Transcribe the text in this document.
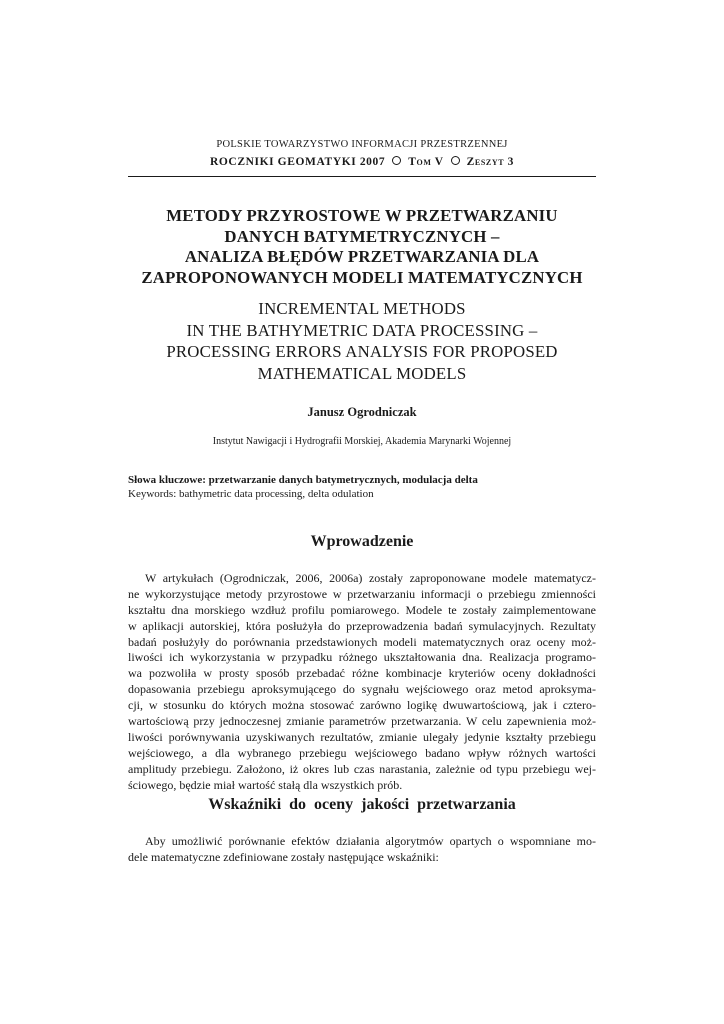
POLSKIE TOWARZYSTWO INFORMACJI PRZESTRZENNEJ
ROCZNIKI GEOMATYKI 2007 Tom V Zeszyt 3
METODY PRZYROSTOWE W PRZETWARZANIU
DANYCH BATYMETRYCZNYCH –
ANALIZA BŁĘDÓW PRZETWARZANIA DLA
ZAPROPONOWANYCH MODELI MATEMATYCZNYCH
INCREMENTAL METHODS
IN THE BATHYMETRIC DATA PROCESSING –
PROCESSING ERRORS ANALYSIS FOR PROPOSED
MATHEMATICAL MODELS
Janusz Ogrodniczak
Instytut Nawigacji i Hydrografii Morskiej, Akademia Marynarki Wojennej
Słowa kluczowe: przetwarzanie danych batymetrycznych, modulacja delta
Keywords: bathymetric data processing, delta odulation
Wprowadzenie
W artykułach (Ogrodniczak, 2006, 2006a) zostały zaproponowane modele matematycz-
ne wykorzystujące metody przyrostowe w przetwarzaniu informacji o przebiegu zmienności
kształtu dna morskiego wzdłuż profilu pomiarowego. Modele te zostały zaimplementowane
w aplikacji autorskiej, która posłużyła do przeprowadzenia badań symulacyjnych. Rezultaty
badań posłużyły do porównania przedstawionych modeli matematycznych oraz oceny moż-
liwości ich wykorzystania w przypadku różnego ukształtowania dna. Realizacja programo-
wa pozwoliła w prosty sposób przebadać różne kombinacje kryteriów oceny dokładności
dopasowania przebiegu aproksymującego do sygnału wejściowego oraz metod aproksyma-
cji, w stosunku do których można stosować zarówno logikę dwuwartościową, jak i cztero-
wartościową przy jednoczesnej zmianie parametrów przetwarzania. W celu zapewnienia moż-
liwości porównywania uzyskiwanych rezultatów, zmianie ulegały jedynie kształty przebiegu
wejściowego, a dla wybranego przebiegu wejściowego badano wpływ różnych wartości
amplitudy przebiegu. Założono, iż okres lub czas narastania, zależnie od typu przebiegu wej-
ściowego, będzie miał wartość stałą dla wszystkich prób.
Wskaźniki do oceny jakości przetwarzania
Aby umożliwić porównanie efektów działania algorytmów opartych o wspomniane mo-
dele matematyczne zdefiniowane zostały następujące wskaźniki:
